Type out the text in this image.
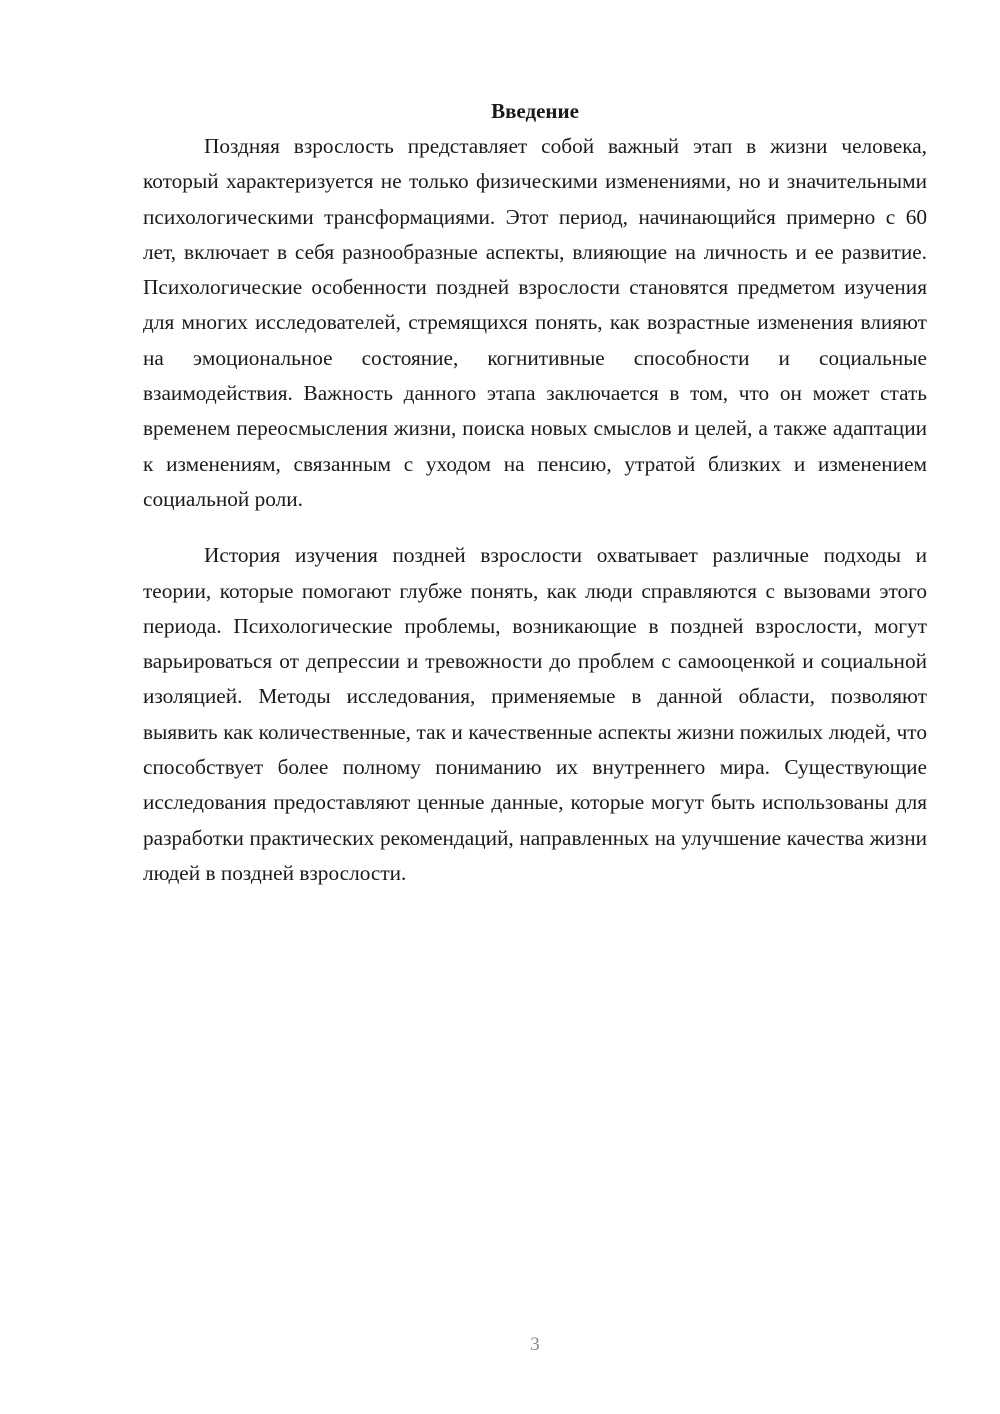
Введение

Поздняя взрослость представляет собой важный этап в жизни человека, который характеризуется не только физическими изменениями, но и значительными психологическими трансформациями. Этот период, начинающийся примерно с 60 лет, включает в себя разнообразные аспекты, влияющие на личность и ее развитие. Психологические особенности поздней взрослости становятся предметом изучения для многих исследователей, стремящихся понять, как возрастные изменения влияют на эмоциональное состояние, когнитивные способности и социальные взаимодействия. Важность данного этапа заключается в том, что он может стать временем переосмысления жизни, поиска новых смыслов и целей, а также адаптации к изменениям, связанным с уходом на пенсию, утратой близких и изменением социальной роли.

История изучения поздней взрослости охватывает различные подходы и теории, которые помогают глубже понять, как люди справляются с вызовами этого периода. Психологические проблемы, возникающие в поздней взрослости, могут варьироваться от депрессии и тревожности до проблем с самооценкой и социальной изоляцией. Методы исследования, применяемые в данной области, позволяют выявить как количественные, так и качественные аспекты жизни пожилых людей, что способствует более полному пониманию их внутреннего мира. Существующие исследования предоставляют ценные данные, которые могут быть использованы для разработки практических рекомендаций, направленных на улучшение качества жизни людей в поздней взрослости.

3
